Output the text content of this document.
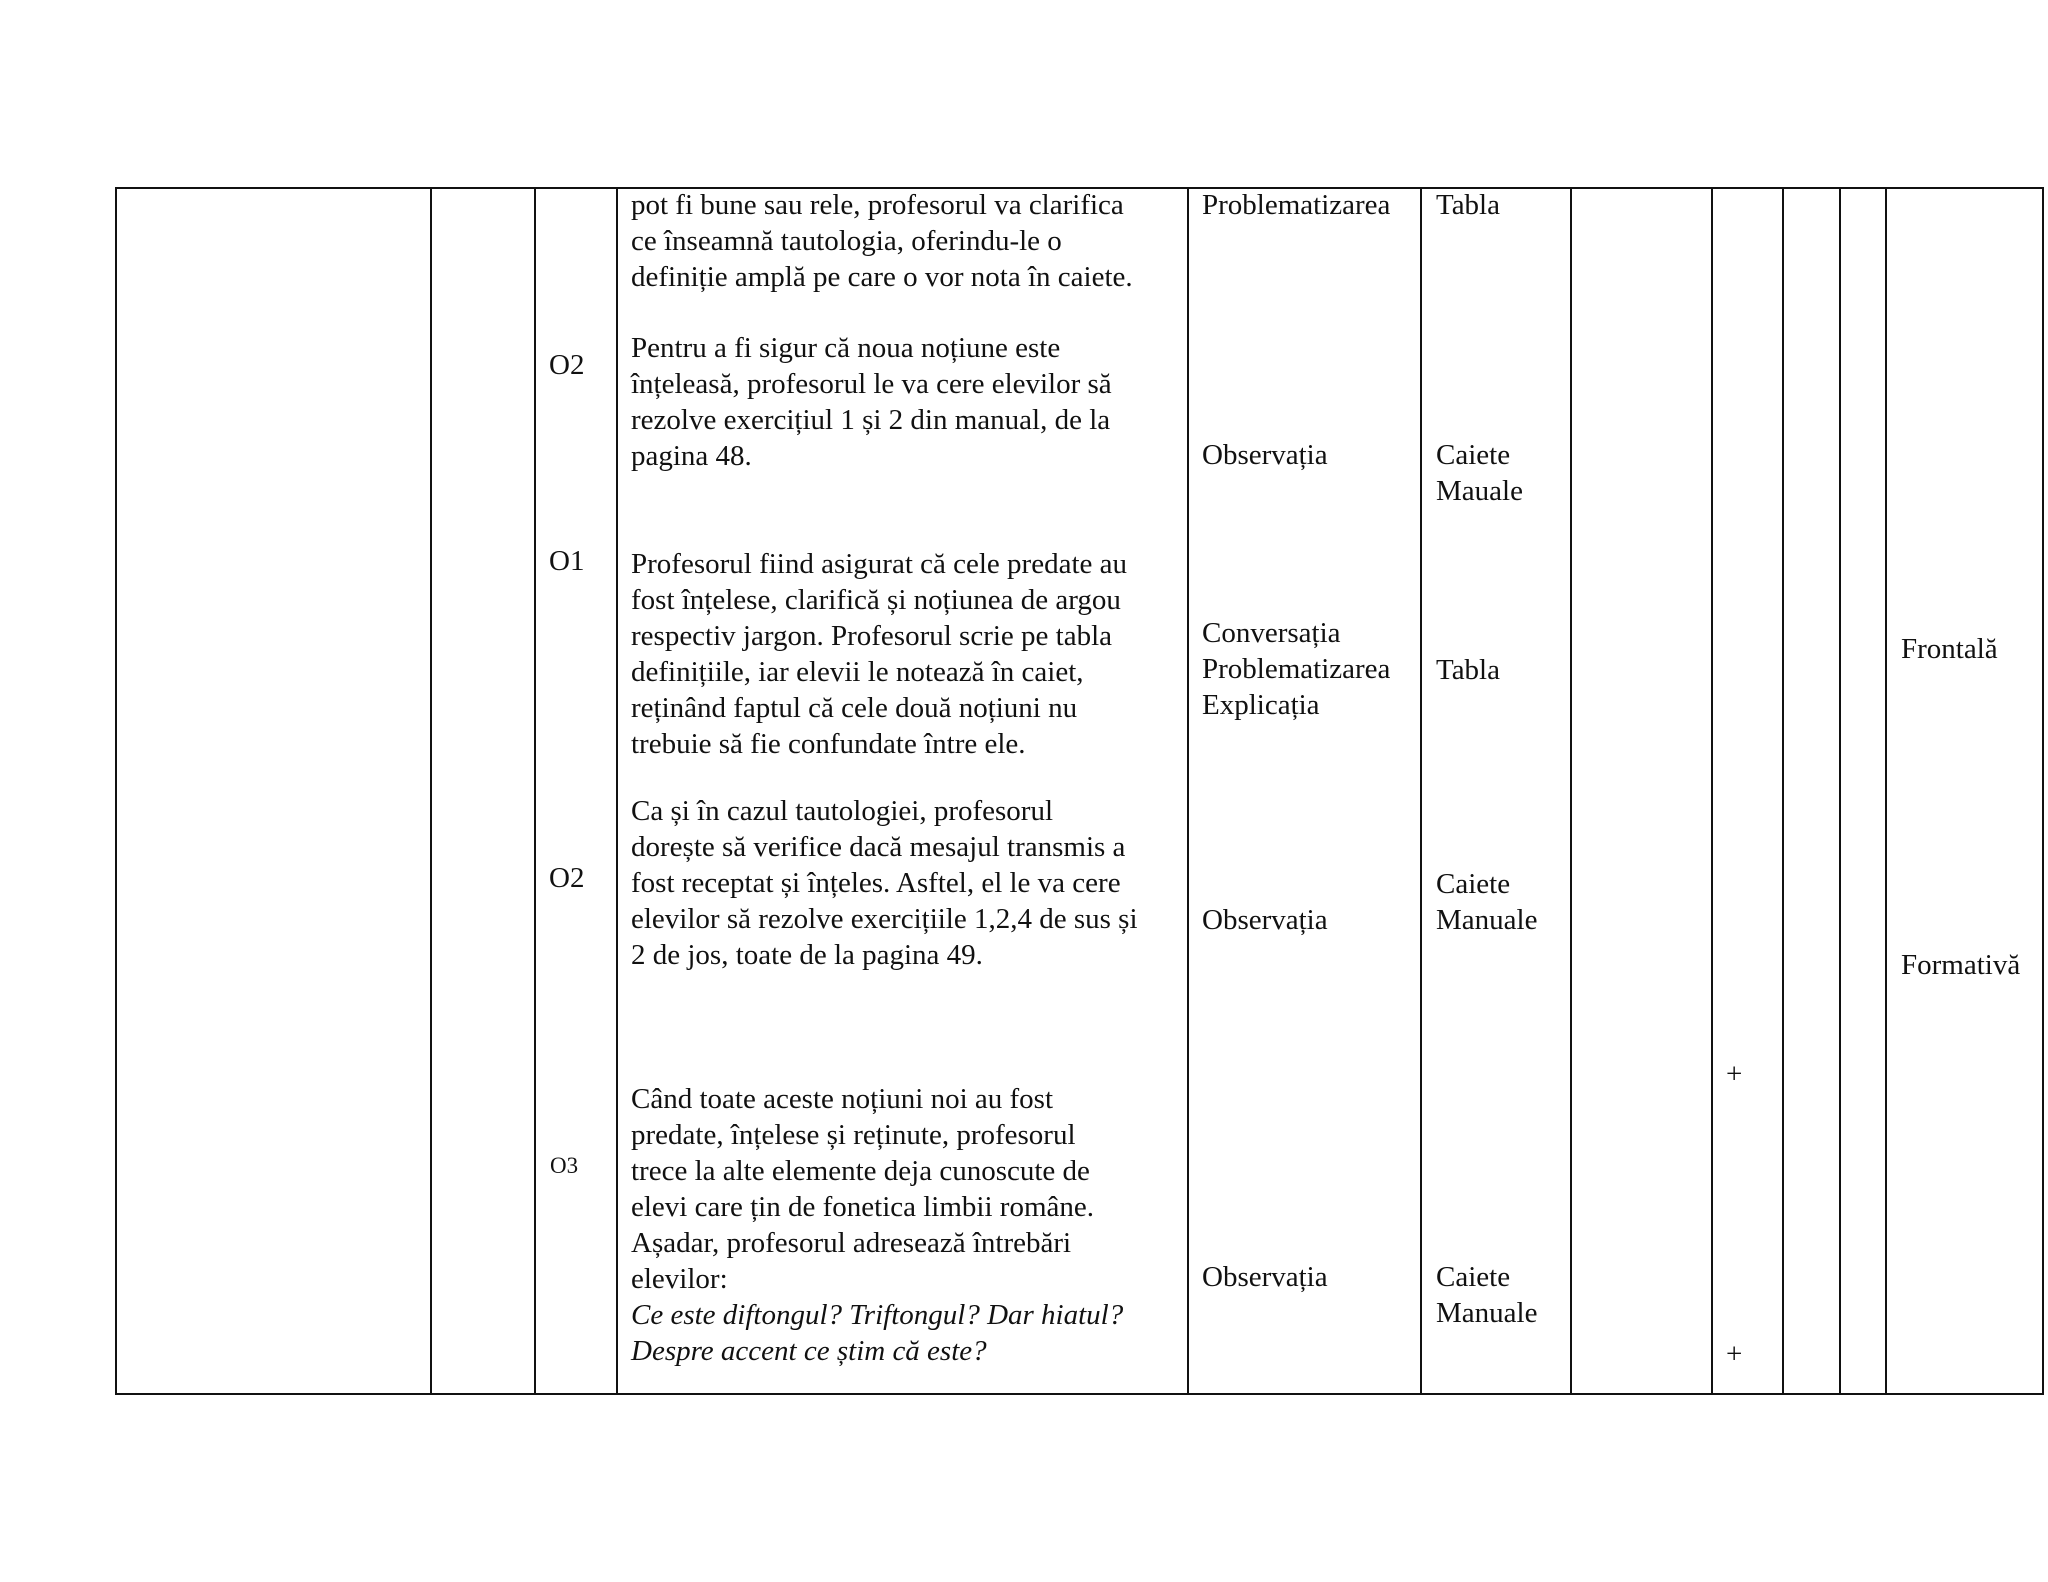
O2
O1
O2
O3
pot fi bune sau rele, profesorul va clarifica
ce înseamnă tautologia, oferindu-le o
definiție amplă pe care o vor nota în caiete.
Pentru a fi sigur că noua noțiune este
înțeleasă, profesorul le va cere elevilor să
rezolve exercițiul 1 și 2 din manual, de la
pagina 48.
Profesorul fiind asigurat că cele predate au
fost înțelese, clarifică și noțiunea de argou
respectiv jargon. Profesorul scrie pe tabla
definițiile, iar elevii le notează în caiet,
reținând faptul că cele două noțiuni nu
trebuie să fie confundate între ele.
Ca și în cazul tautologiei, profesorul
dorește să verifice dacă mesajul transmis a
fost receptat și înțeles. Asftel, el le va cere
elevilor să rezolve exercițiile 1,2,4 de sus și
2 de jos, toate de la pagina 49.
Când toate aceste noțiuni noi au fost
predate, înțelese și reținute, profesorul
trece la alte elemente deja cunoscute de
elevi care țin de fonetica limbii române.
Așadar, profesorul adresează întrebări
elevilor:
Ce este diftongul? Triftongul? Dar hiatul?
Despre accent ce știm că este?
Problematizarea
Observația
Conversația
Problematizarea
Explicația
Observația
Observația
Tabla
Caiete
Mauale
Tabla
Caiete
Manuale
Caiete
Manuale
+
+
Frontală
Formativă
